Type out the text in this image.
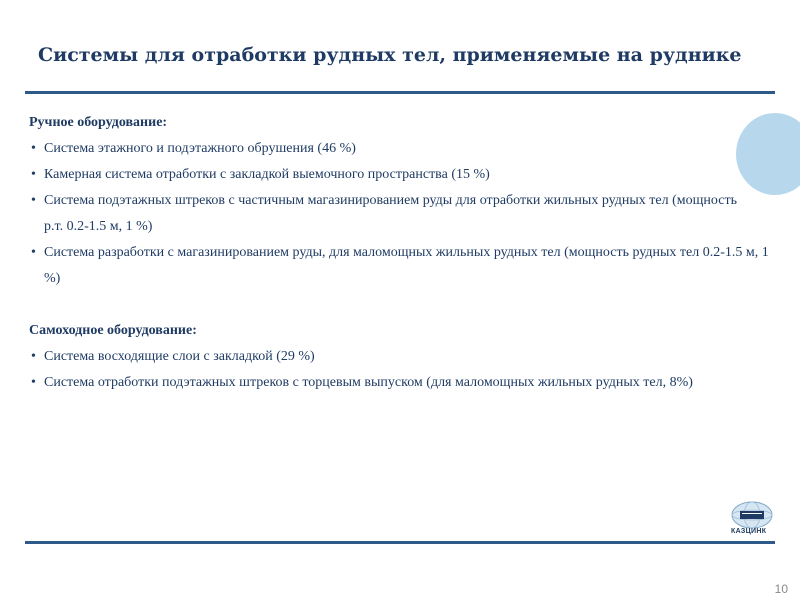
Системы для отработки рудных тел, применяемые на руднике
Ручное оборудование:
• Система этажного и подэтажного обрушения (46 %)
• Камерная система отработки с закладкой выемочного пространства (15 %)
• Система подэтажных штреков с частичным магазинированием руды для отработки жильных рудных тел (мощность р.т. 0.2-1.5 м, 1 %)
• Система разработки с магазинированием руды, для маломощных жильных рудных тел (мощность рудных тел 0.2-1.5 м, 1 %)
Самоходное оборудование:
• Система восходящие слои с закладкой (29 %)
• Система отработки подэтажных штреков с торцевым выпуском (для маломощных жильных рудных тел, 8%)
КАЗЦИНК
10
